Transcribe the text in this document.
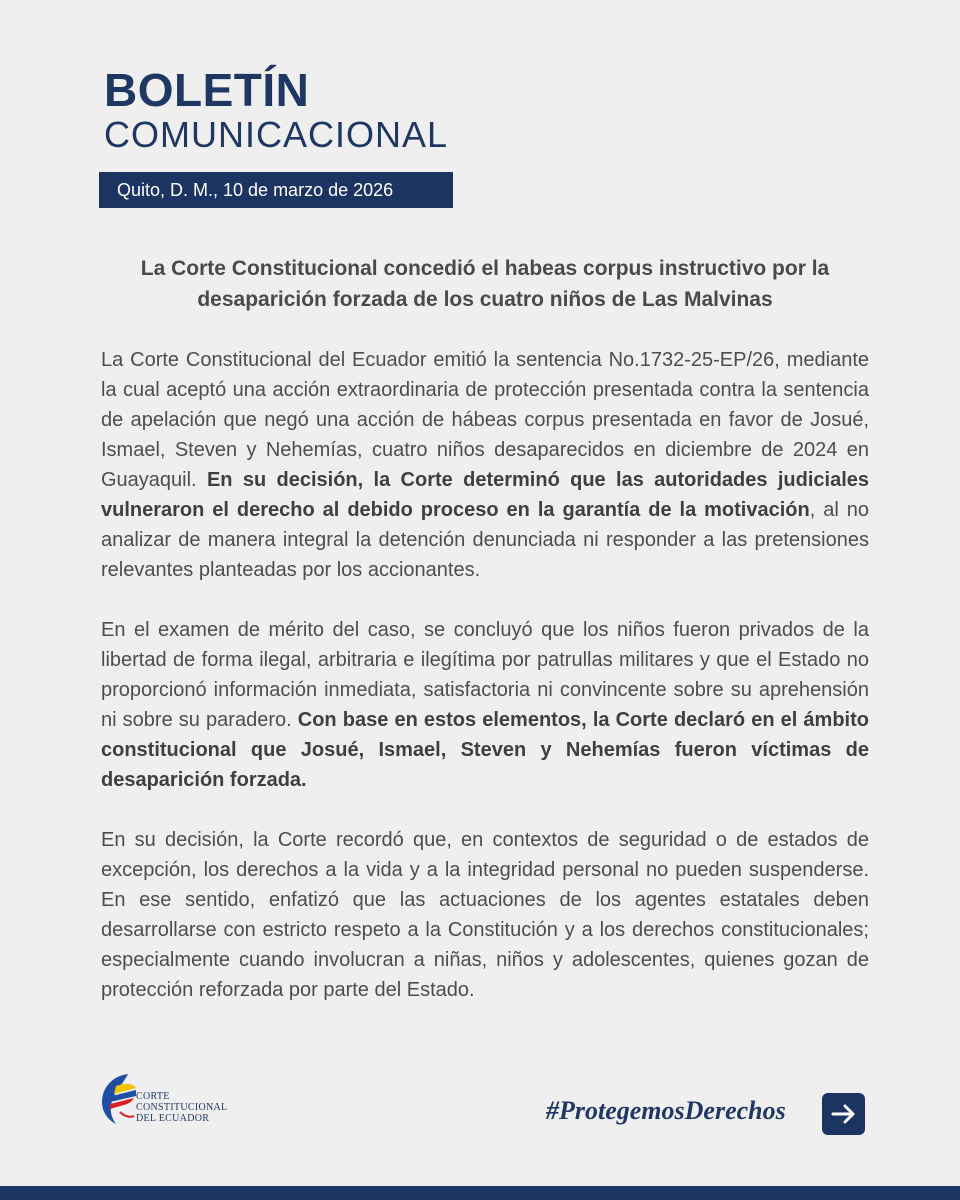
BOLETÍN
COMUNICACIONAL
Quito, D. M., 10 de marzo de 2026
La Corte Constitucional concedió el habeas corpus instructivo por la desaparición forzada de los cuatro niños de Las Malvinas

La Corte Constitucional del Ecuador emitió la sentencia No.1732-25-EP/26, mediante la cual aceptó una acción extraordinaria de protección presentada contra la sentencia de apelación que negó una acción de hábeas corpus presentada en favor de Josué, Ismael, Steven y Nehemías, cuatro niños desaparecidos en diciembre de 2024 en Guayaquil. En su decisión, la Corte determinó que las autoridades judiciales vulneraron el derecho al debido proceso en la garantía de la motivación, al no analizar de manera integral la detención denunciada ni responder a las pretensiones relevantes planteadas por los accionantes.

En el examen de mérito del caso, se concluyó que los niños fueron privados de la libertad de forma ilegal, arbitraria e ilegítima por patrullas militares y que el Estado no proporcionó información inmediata, satisfactoria ni convincente sobre su aprehensión ni sobre su paradero. Con base en estos elementos, la Corte declaró en el ámbito constitucional que Josué, Ismael, Steven y Nehemías fueron víctimas de desaparición forzada.

En su decisión, la Corte recordó que, en contextos de seguridad o de estados de excepción, los derechos a la vida y a la integridad personal no pueden suspenderse. En ese sentido, enfatizó que las actuaciones de los agentes estatales deben desarrollarse con estricto respeto a la Constitución y a los derechos constitucionales; especialmente cuando involucran a niñas, niños y adolescentes, quienes gozan de protección reforzada por parte del Estado.

CORTE
CONSTITUCIONAL
DEL ECUADOR	#ProtegemosDerechos
